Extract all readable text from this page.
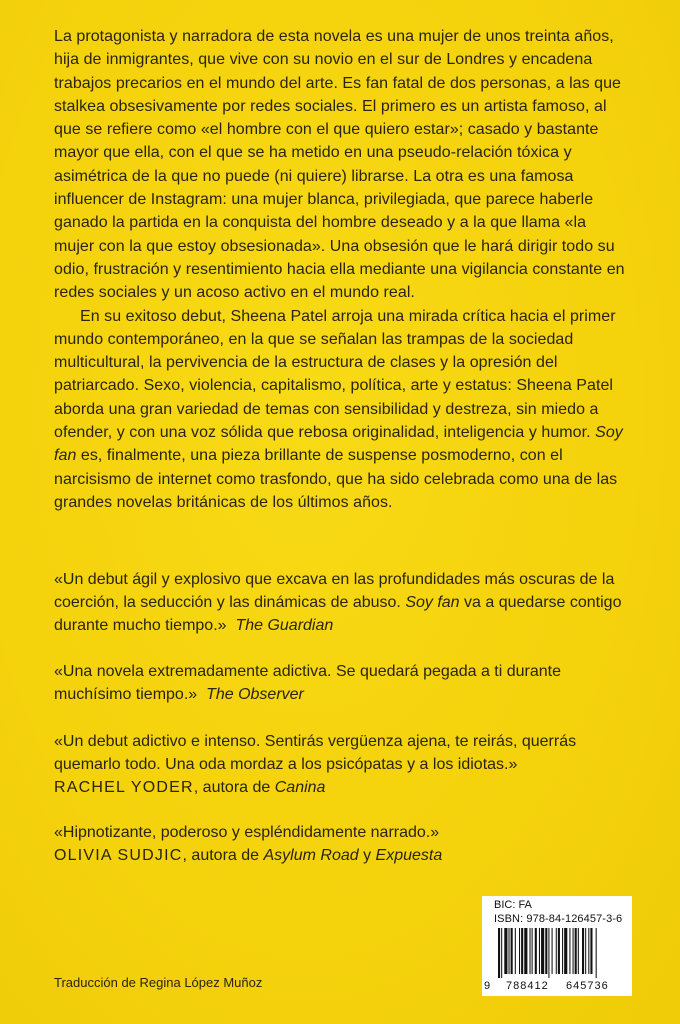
La protagonista y narradora de esta novela es una mujer de unos treinta años, hija de inmigrantes, que vive con su novio en el sur de Londres y encadena trabajos precarios en el mundo del arte. Es fan fatal de dos personas, a las que stalkea obsesivamente por redes sociales. El primero es un artista famoso, al que se refiere como «el hombre con el que quiero estar»; casado y bastante mayor que ella, con el que se ha metido en una pseudo-relación tóxica y asimétrica de la que no puede (ni quiere) librarse. La otra es una famosa influencer de Instagram: una mujer blanca, privilegiada, que parece haberle ganado la partida en la conquista del hombre deseado y a la que llama «la mujer con la que estoy obsesionada». Una obsesión que le hará dirigir todo su odio, frustración y resentimiento hacia ella mediante una vigilancia constante en redes sociales y un acoso activo en el mundo real.

En su exitoso debut, Sheena Patel arroja una mirada crítica hacia el primer mundo contemporáneo, en la que se señalan las trampas de la sociedad multicultural, la pervivencia de la estructura de clases y la opresión del patriarcado. Sexo, violencia, capitalismo, política, arte y estatus: Sheena Patel aborda una gran variedad de temas con sensibilidad y destreza, sin miedo a ofender, y con una voz sólida que rebosa originalidad, inteligencia y humor. Soy fan es, finalmente, una pieza brillante de suspense posmoderno, con el narcisismo de internet como trasfondo, que ha sido celebrada como una de las grandes novelas británicas de los últimos años.

«Un debut ágil y explosivo que excava en las profundidades más oscuras de la coerción, la seducción y las dinámicas de abuso. Soy fan va a quedarse contigo durante mucho tiempo.» The Guardian

«Una novela extremadamente adictiva. Se quedará pegada a ti durante muchísimo tiempo.» The Observer

«Un debut adictivo e intenso. Sentirás vergüenza ajena, te reirás, querrás quemarlo todo. Una oda mordaz a los psicópatas y a los idiotas.»
RACHEL YODER, autora de Canina

«Hipnotizante, poderoso y espléndidamente narrado.»
OLIVIA SUDJIC, autora de Asylum Road y Expuesta

BIC: FA
ISBN: 978-84-126457-3-6
9 788412 645736
Traducción de Regina López Muñoz
